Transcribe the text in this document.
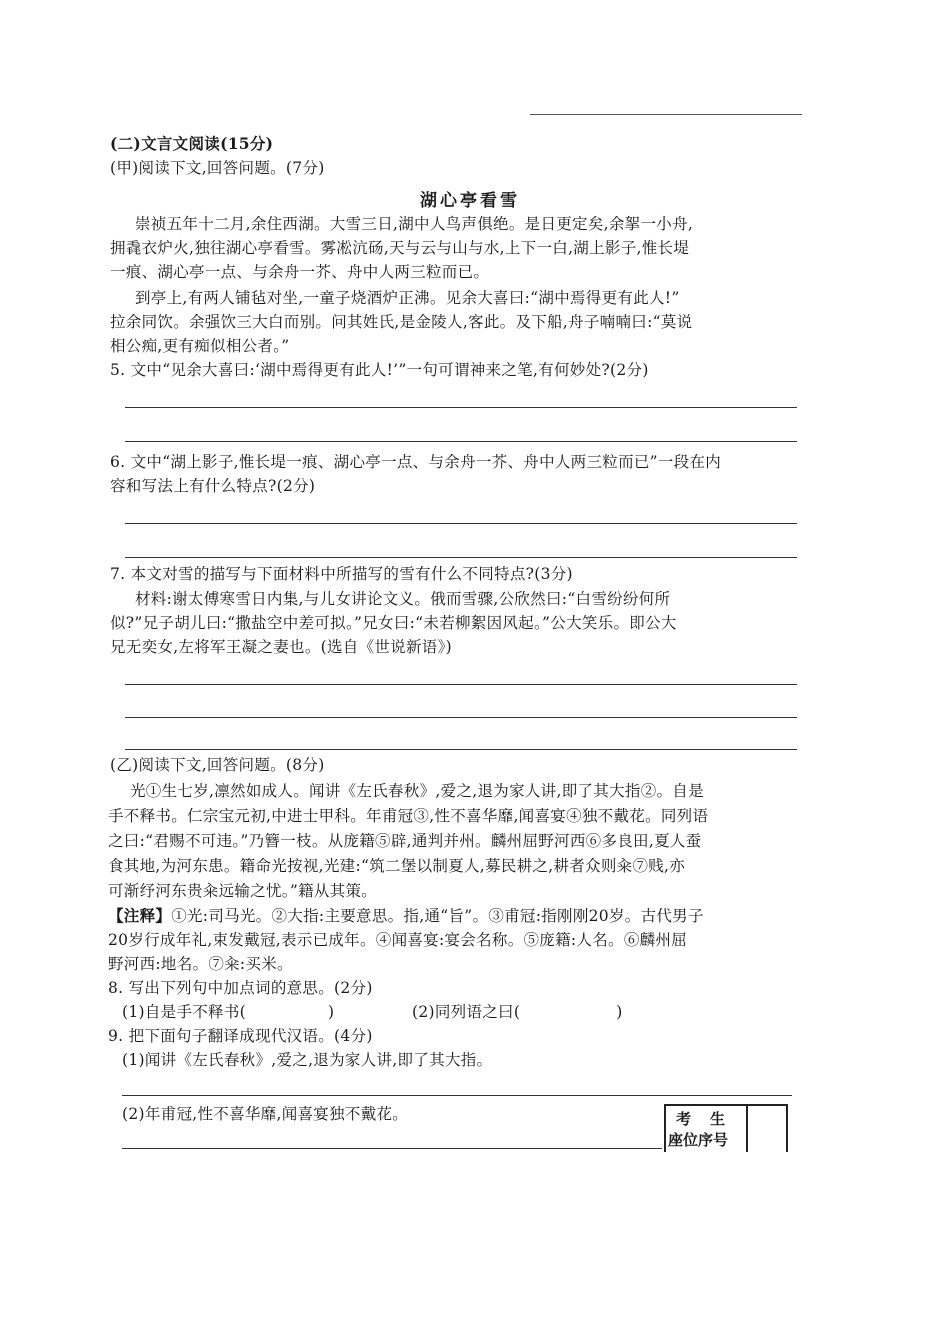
(二)文言文阅读(15分)
(甲)阅读下文,回答问题。(7分)
湖心亭看雪
崇祯五年十二月,余住西湖。大雪三日,湖中人鸟声俱绝。是日更定矣,余挐一小舟,
拥毳衣炉火,独往湖心亭看雪。雾凇沆砀,天与云与山与水,上下一白,湖上影子,惟长堤
一痕、湖心亭一点、与余舟一芥、舟中人两三粒而已。
到亭上,有两人铺毡对坐,一童子烧酒炉正沸。见余大喜曰:“湖中焉得更有此人!”
拉余同饮。余强饮三大白而别。问其姓氏,是金陵人,客此。及下船,舟子喃喃曰:“莫说
相公痴,更有痴似相公者。”
5. 文中“见余大喜曰:‘湖中焉得更有此人!’”一句可谓神来之笔,有何妙处?(2分)
6. 文中“湖上影子,惟长堤一痕、湖心亭一点、与余舟一芥、舟中人两三粒而已”一段在内
容和写法上有什么特点?(2分)
7. 本文对雪的描写与下面材料中所描写的雪有什么不同特点?(3分)
材料:谢太傅寒雪日内集,与儿女讲论文义。俄而雪骤,公欣然曰:“白雪纷纷何所
似?”兄子胡儿曰:“撒盐空中差可拟。”兄女曰:“未若柳絮因风起。”公大笑乐。即公大
兄无奕女,左将军王凝之妻也。(选自《世说新语》)
(乙)阅读下文,回答问题。(8分)
光①生七岁,凛然如成人。闻讲《左氏春秋》,爱之,退为家人讲,即了其大指②。自是
手不释书。仁宗宝元初,中进士甲科。年甫冠③,性不喜华靡,闻喜宴④独不戴花。同列语
之曰:“君赐不可违。”乃簪一枝。从庞籍⑤辟,通判并州。麟州屈野河西⑥多良田,夏人蚕
食其地,为河东患。籍命光按视,光建:“筑二堡以制夏人,募民耕之,耕者众则籴⑦贱,亦
可渐纾河东贵籴远输之忧。”籍从其策。
【注释】①光:司马光。②大指:主要意思。指,通“旨”。③甫冠:指刚刚20岁。古代男子
20岁行成年礼,束发戴冠,表示已成年。④闻喜宴:宴会名称。⑤庞籍:人名。⑥麟州屈
野河西:地名。⑦籴:买米。
8. 写出下列句中加点词的意思。(2分)
(1)自是手不释书(	)	(2)同列语之曰(	)
9. 把下面句子翻译成现代汉语。(4分)
(1)闻讲《左氏春秋》,爱之,退为家人讲,即了其大指。
(2)年甫冠,性不喜华靡,闻喜宴独不戴花。	考　生
座位序号
